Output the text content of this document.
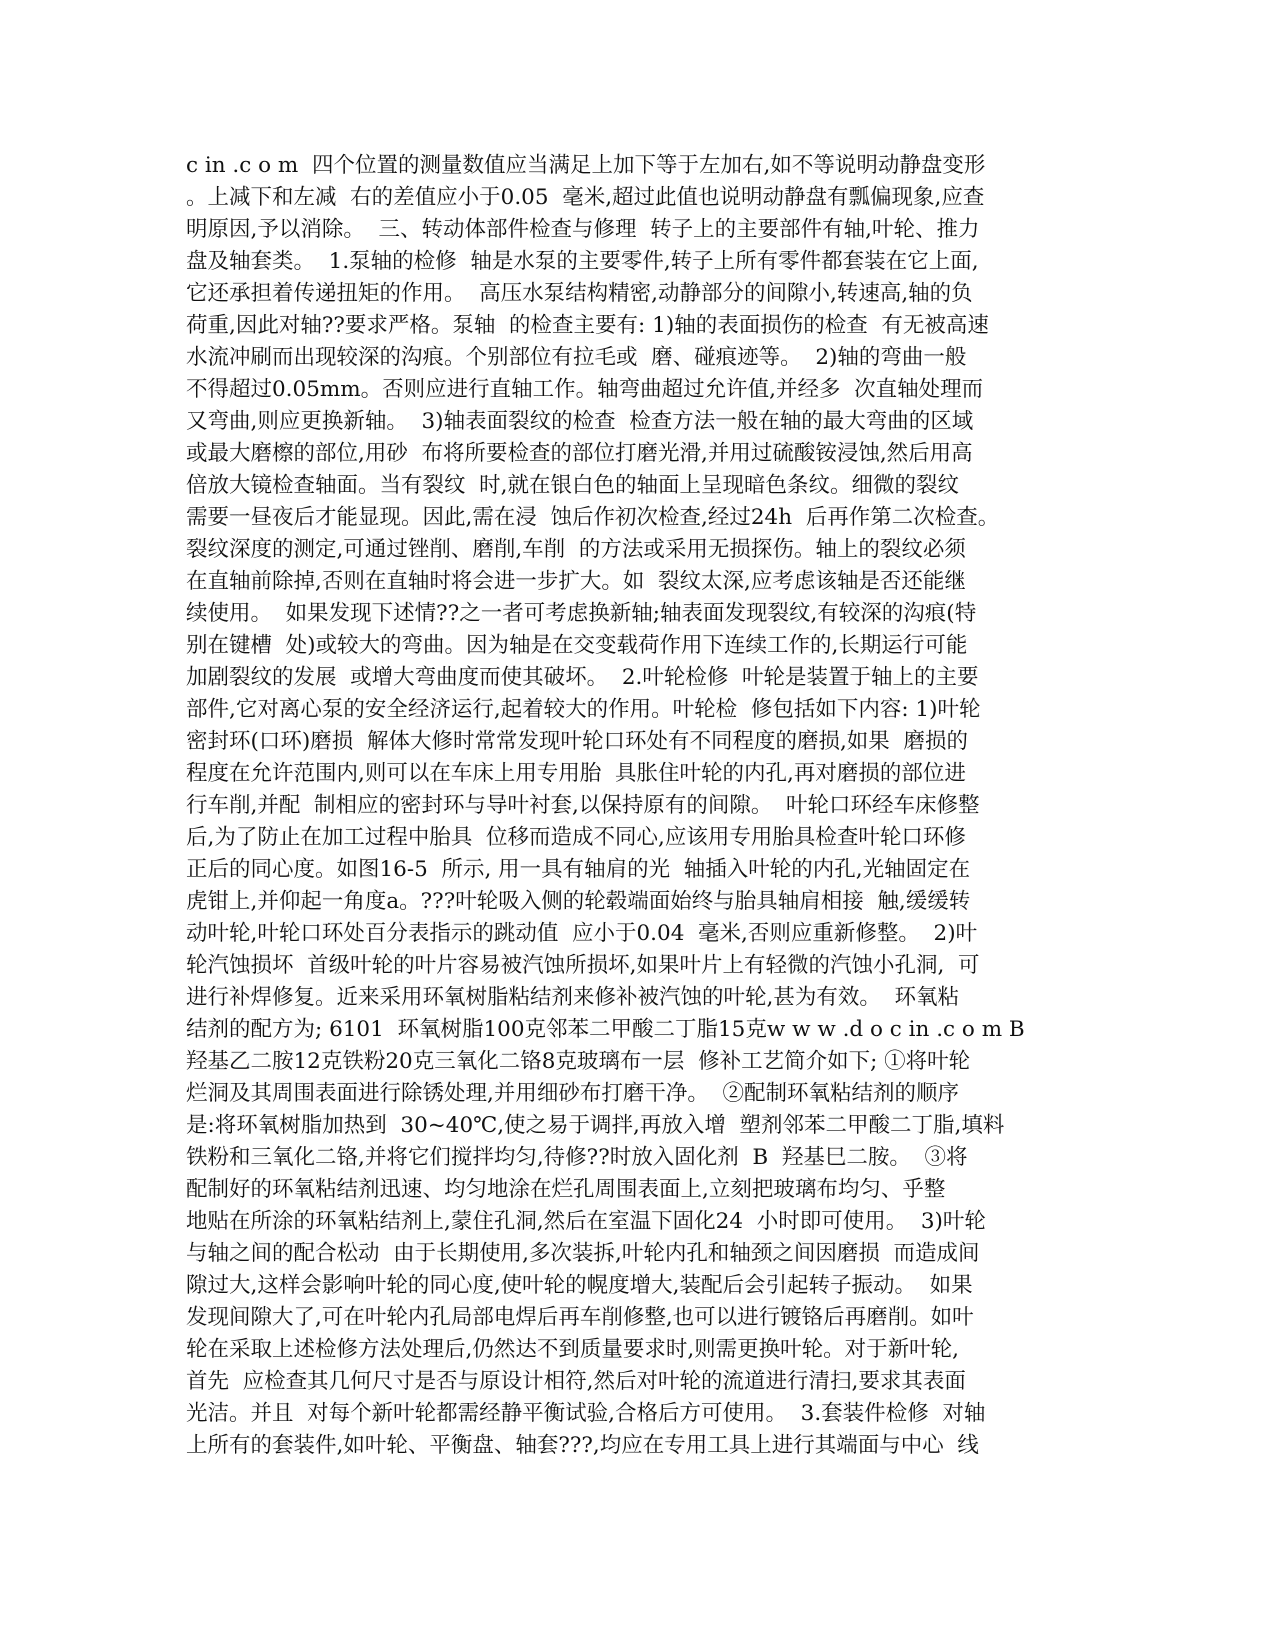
c in .c o m  四个位置的测量数值应当满足上加下等于左加右,如不等说明动静盘变形
。上减下和左减  右的差值应小于0.05  毫米,超过此值也说明动静盘有瓢偏现象,应查
明原因,予以消除。  三、转动体部件检查与修理  转子上的主要部件有轴,叶轮、推力
盘及轴套类。  1.泵轴的检修  轴是水泵的主要零件,转子上所有零件都套装在它上面,
它还承担着传递扭矩的作用。  高压水泵结构精密,动静部分的间隙小,转速高,轴的负
荷重,因此对轴??要求严格。泵轴  的检查主要有: 1)轴的表面损伤的检查  有无被高速
水流冲刷而出现较深的沟痕。个别部位有拉毛或  磨、碰痕迹等。  2)轴的弯曲一般
不得超过0.05mm。否则应进行直轴工作。轴弯曲超过允许值,并经多  次直轴处理而
又弯曲,则应更换新轴。  3)轴表面裂纹的检查  检查方法一般在轴的最大弯曲的区域
或最大磨檫的部位,用砂  布将所要检查的部位打磨光滑,并用过硫酸铵浸蚀,然后用高
倍放大镜检查轴面。当有裂纹  时,就在银白色的轴面上呈现暗色条纹。细微的裂纹
需要一昼夜后才能显现。因此,需在浸  蚀后作初次检查,经过24h  后再作第二次检查。
裂纹深度的测定,可通过锉削、磨削,车削  的方法或采用无损探伤。轴上的裂纹必须
在直轴前除掉,否则在直轴时将会进一步扩大。如  裂纹太深,应考虑该轴是否还能继
续使用。  如果发现下述情??之一者可考虑换新轴;轴表面发现裂纹,有较深的沟痕(特
别在键槽  处)或较大的弯曲。因为轴是在交变载荷作用下连续工作的,长期运行可能
加剧裂纹的发展  或增大弯曲度而使其破坏。  2.叶轮检修  叶轮是装置于轴上的主要
部件,它对离心泵的安全经济运行,起着较大的作用。叶轮检  修包括如下内容: 1)叶轮
密封环(口环)磨损  解体大修时常常发现叶轮口环处有不同程度的磨损,如果  磨损的
程度在允许范围内,则可以在车床上用专用胎  具胀住叶轮的内孔,再对磨损的部位进
行车削,并配  制相应的密封环与导叶衬套,以保持原有的间隙。  叶轮口环经车床修整
后,为了防止在加工过程中胎具  位移而造成不同心,应该用专用胎具检查叶轮口环修
正后的同心度。如图16-5  所示, 用一具有轴肩的光  轴插入叶轮的内孔,光轴固定在
虎钳上,并仰起一角度a。???叶轮吸入侧的轮毂端面始终与胎具轴肩相接  触,缓缓转
动叶轮,叶轮口环处百分表指示的跳动值  应小于0.04  毫米,否则应重新修整。  2)叶
轮汽蚀损坏  首级叶轮的叶片容易被汽蚀所损坏,如果叶片上有轻微的汽蚀小孔洞,  可
进行补焊修复。近来采用环氧树脂粘结剂来修补被汽蚀的叶轮,甚为有效。  环氧粘
结剂的配方为; 6101  环氧树脂100克邻苯二甲酸二丁脂15克w w w .d o c in .c o m B
羟基乙二胺12克铁粉20克三氧化二铬8克玻璃布一层  修补工艺简介如下; ①将叶轮
烂洞及其周围表面进行除锈处理,并用细砂布打磨干净。  ②配制环氧粘结剂的顺序
是:将环氧树脂加热到  30~40℃,使之易于调拌,再放入增  塑剂邻苯二甲酸二丁脂,填料
铁粉和三氧化二铬,并将它们搅拌均匀,待修??时放入固化剂  B  羟基巳二胺。  ③将
配制好的环氧粘结剂迅速、均匀地涂在烂孔周围表面上,立刻把玻璃布均匀、乎整
地贴在所涂的环氧粘结剂上,蒙住孔洞,然后在室温下固化24  小时即可使用。  3)叶轮
与轴之间的配合松动  由于长期使用,多次装拆,叶轮内孔和轴颈之间因磨损  而造成间
隙过大,这样会影响叶轮的同心度,使叶轮的幌度增大,装配后会引起转子振动。  如果
发现间隙大了,可在叶轮内孔局部电焊后再车削修整,也可以进行镀铬后再磨削。如叶
轮在采取上述检修方法处理后,仍然达不到质量要求时,则需更换叶轮。对于新叶轮,
首先  应检查其几何尺寸是否与原设计相符,然后对叶轮的流道进行清扫,要求其表面
光洁。并且  对每个新叶轮都需经静平衡试验,合格后方可使用。  3.套装件检修  对轴
上所有的套装件,如叶轮、平衡盘、轴套???,均应在专用工具上进行其端面与中心  线
